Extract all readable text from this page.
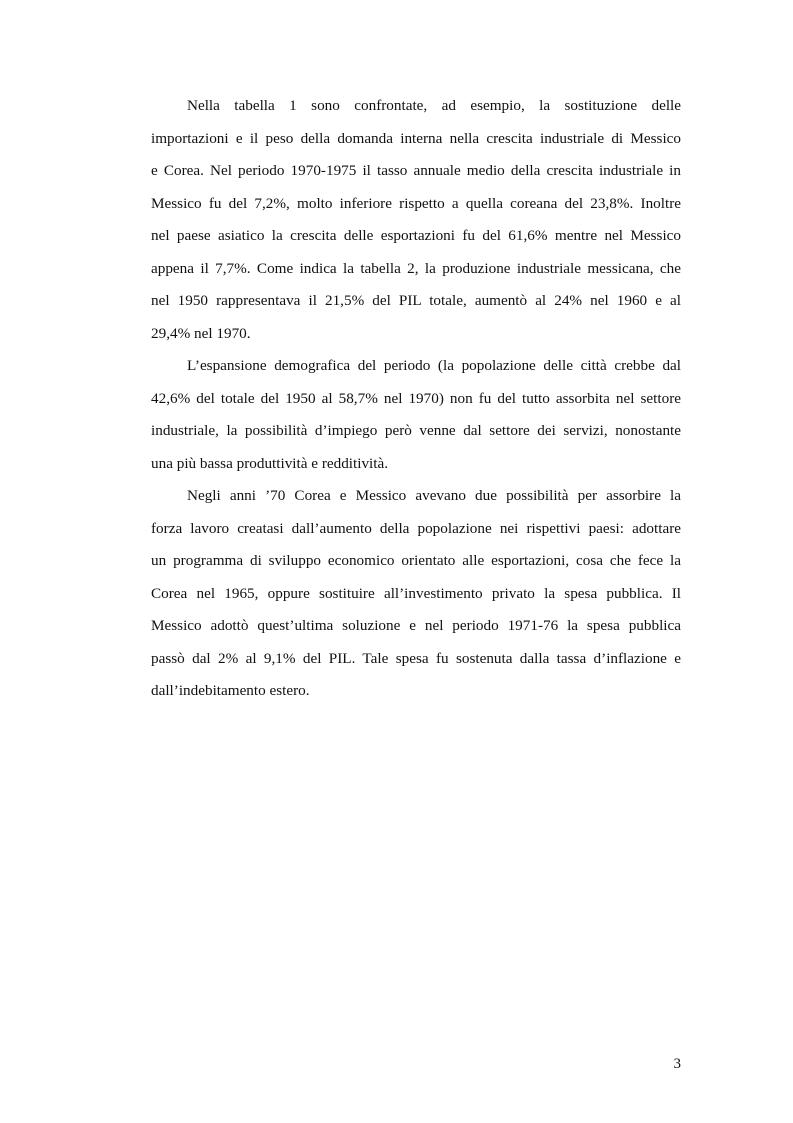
Nella tabella 1 sono confrontate, ad esempio, la sostituzione delle
importazioni e il peso della domanda interna nella crescita industriale di Messico
e Corea. Nel periodo 1970-1975 il tasso annuale medio della crescita industriale in
Messico fu del 7,2%, molto inferiore rispetto a quella coreana del 23,8%. Inoltre
nel paese asiatico la crescita delle esportazioni fu del 61,6% mentre nel Messico
appena il 7,7%. Come indica la tabella 2, la produzione industriale messicana, che
nel 1950 rappresentava il 21,5% del PIL totale, aumentò al 24% nel 1960 e al
29,4% nel 1970.
L’espansione demografica del periodo (la popolazione delle città crebbe dal
42,6% del totale del 1950 al 58,7% nel 1970) non fu del tutto assorbita nel settore
industriale, la possibilità d’impiego però venne dal settore dei servizi, nonostante
una più bassa produttività e redditività.
Negli anni ’70 Corea e Messico avevano due possibilità per assorbire la
forza lavoro creatasi dall’aumento della popolazione nei rispettivi paesi: adottare
un programma di sviluppo economico orientato alle esportazioni, cosa che fece la
Corea nel 1965, oppure sostituire all’investimento privato la spesa pubblica. Il
Messico adottò quest’ultima soluzione e nel periodo 1971-76 la spesa pubblica
passò dal 2% al 9,1% del PIL. Tale spesa fu sostenuta dalla tassa d’inflazione e
dall’indebitamento estero.
3
